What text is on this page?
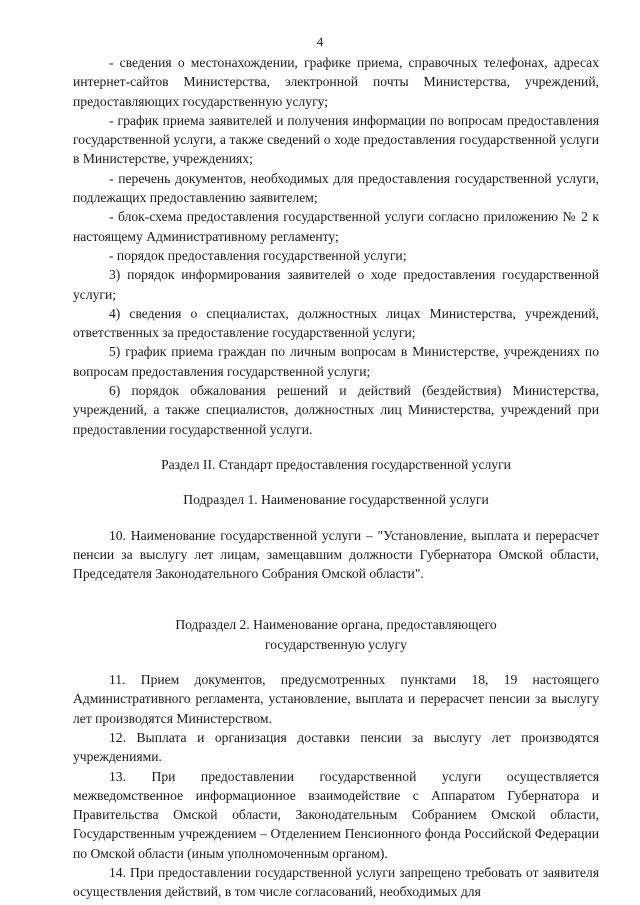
4

- сведения о местонахождении, графике приема, справочных телефонах, адресах интернет-сайтов Министерства, электронной почты Министерства, учреждений, предоставляющих государственную услугу;

- график приема заявителей и получения информации по вопросам предоставления государственной услуги, а также сведений о ходе предоставления государственной услуги в Министерстве, учреждениях;

- перечень документов, необходимых для предоставления государственной услуги, подлежащих предоставлению заявителем;

- блок-схема предоставления государственной услуги согласно приложению № 2 к настоящему Административному регламенту;

- порядок предоставления государственной услуги;

3) порядок информирования заявителей о ходе предоставления государственной услуги;

4) сведения о специалистах, должностных лицах Министерства, учреждений, ответственных за предоставление государственной услуги;

5) график приема граждан по личным вопросам в Министерстве, учреждениях по вопросам предоставления государственной услуги;

6) порядок обжалования решений и действий (бездействия) Министерства, учреждений, а также специалистов, должностных лиц Министерства, учреждений при предоставлении государственной услуги.

Раздел II. Стандарт предоставления государственной услуги

Подраздел 1. Наименование государственной услуги

10. Наименование государственной услуги – "Установление, выплата и перерасчет пенсии за выслугу лет лицам, замещавшим должности Губернатора Омской области, Председателя Законодательного Собрания Омской области".

Подраздел 2. Наименование органа, предоставляющего

государственную услугу

11. Прием документов, предусмотренных пунктами 18, 19 настоящего Административного регламента, установление, выплата и перерасчет пенсии за выслугу лет производятся Министерством.

12. Выплата и организация доставки пенсии за выслугу лет производятся учреждениями.

13. При предоставлении государственной услуги осуществляется межведомственное информационное взаимодействие с Аппаратом Губернатора и Правительства Омской области, Законодательным Собранием Омской области, Государственным учреждением – Отделением Пенсионного фонда Российской Федерации по Омской области (иным уполномоченным органом).

14. При предоставлении государственной услуги запрещено требовать от заявителя осуществления действий, в том числе согласований, необходимых для
